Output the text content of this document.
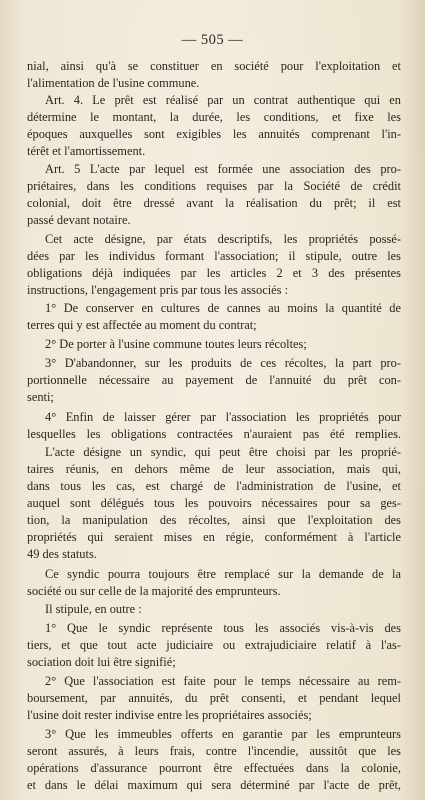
— 505 —
nial, ainsi qu'à se constituer en société pour l'exploitation et
l'alimentation de l'usine commune.
Art. 4. Le prêt est réalisé par un contrat authentique qui en
détermine le montant, la durée, les conditions, et fixe les
époques auxquelles sont exigibles les annuités comprenant l'in-
térêt et l'amortissement.
Art. 5 L'acte par lequel est formée une association des pro-
priétaires, dans les conditions requises par la Société de crédit
colonial, doit être dressé avant la réalisation du prêt; il est
passé devant notaire.
Cet acte désigne, par états descriptifs, les propriétés possé-
dées par les individus formant l'association; il stipule, outre les
obligations déjà indiquées par les articles 2 et 3 des présentes
instructions, l'engagement pris par tous les associés :
1° De conserver en cultures de cannes au moins la quantité de
terres qui y est affectée au moment du contrat;
2° De porter à l'usine commune toutes leurs récoltes;
3° D'abandonner, sur les produits de ces récoltes, la part pro-
portionnelle nécessaire au payement de l'annuité du prêt con-
senti;
4° Enfin de laisser gérer par l'association les propriétés pour
lesquelles les obligations contractées n'auraient pas été remplies.
L'acte désigne un syndic, qui peut être choisi par les proprié-
taires réunis, en dehors même de leur association, mais qui,
dans tous les cas, est chargé de l'administration de l'usine, et
auquel sont délégués tous les pouvoirs nécessaires pour sa ges-
tion, la manipulation des récoltes, ainsi que l'exploitation des
propriétés qui seraient mises en régie, conformément à l'article
49 des statuts.
Ce syndic pourra toujours être remplacé sur la demande de la
société ou sur celle de la majorité des emprunteurs.
Il stipule, en outre :
1° Que le syndic représente tous les associés vis-à-vis des
tiers, et que tout acte judiciaire ou extrajudiciaire relatif à l'as-
sociation doit lui être signifié;
2° Que l'association est faite pour le temps nécessaire au rem-
boursement, par annuités, du prêt consenti, et pendant lequel
l'usine doit rester indivise entre les propriétaires associés;
3° Que les immeubles offerts en garantie par les emprunteurs
seront assurés, à leurs frais, contre l'incendie, aussitôt que les
opérations d'assurance pourront être effectuées dans la colonie,
et dans le délai maximum qui sera déterminé par l'acte de prêt,
